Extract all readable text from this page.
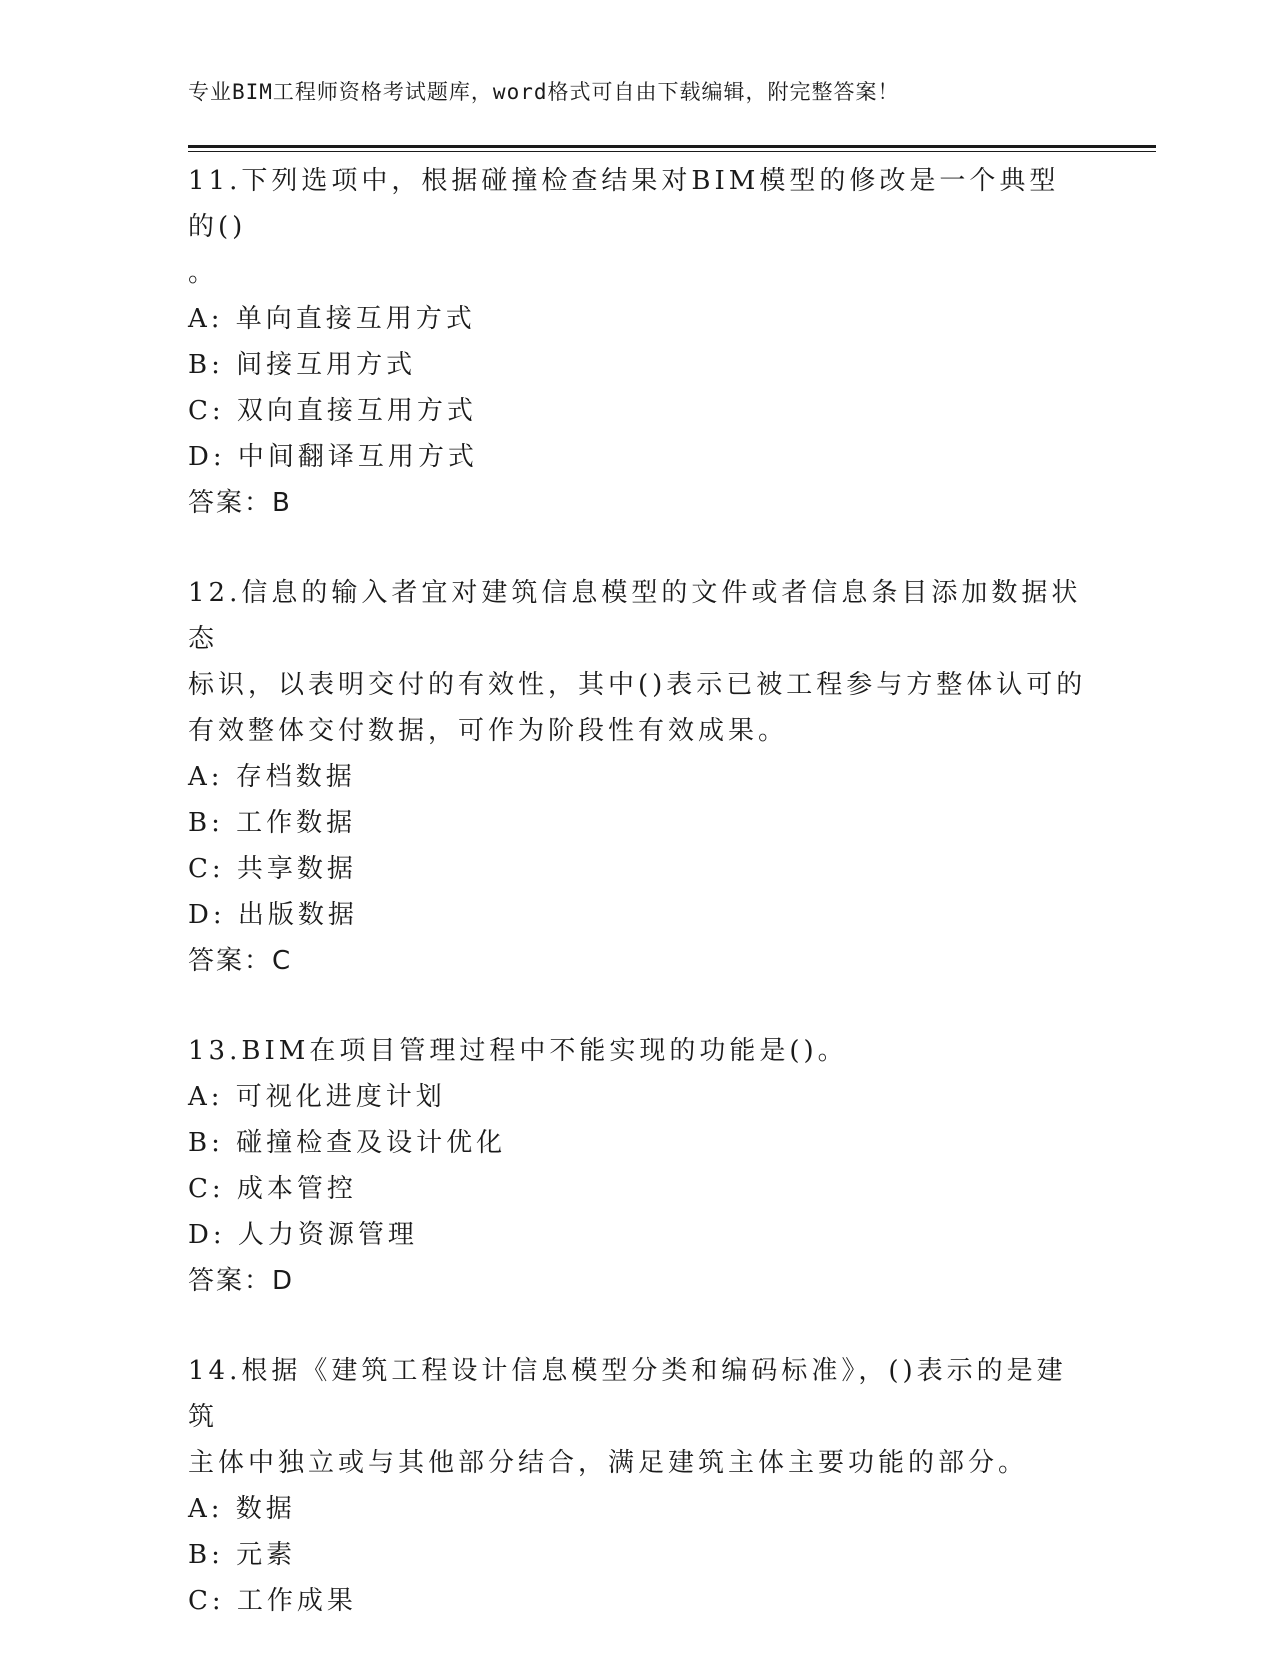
专业BIM工程师资格考试题库，word格式可自由下载编辑，附完整答案！

11.下列选项中，根据碰撞检查结果对BIM模型的修改是一个典型的()
。

A: 单向直接互用方式
B: 间接互用方式
C: 双向直接互用方式
D: 中间翻译互用方式
答案：B

12.信息的输入者宜对建筑信息模型的文件或者信息条目添加数据状态
标识，以表明交付的有效性，其中()表示已被工程参与方整体认可的
有效整体交付数据，可作为阶段性有效成果。

A: 存档数据
B: 工作数据
C: 共享数据
D: 出版数据
答案：C

13.BIM在项目管理过程中不能实现的功能是()。

A: 可视化进度计划
B: 碰撞检查及设计优化
C: 成本管控
D: 人力资源管理
答案：D

14.根据《建筑工程设计信息模型分类和编码标准》，()表示的是建筑
主体中独立或与其他部分结合，满足建筑主体主要功能的部分。

A: 数据
B: 元素
C: 工作成果
